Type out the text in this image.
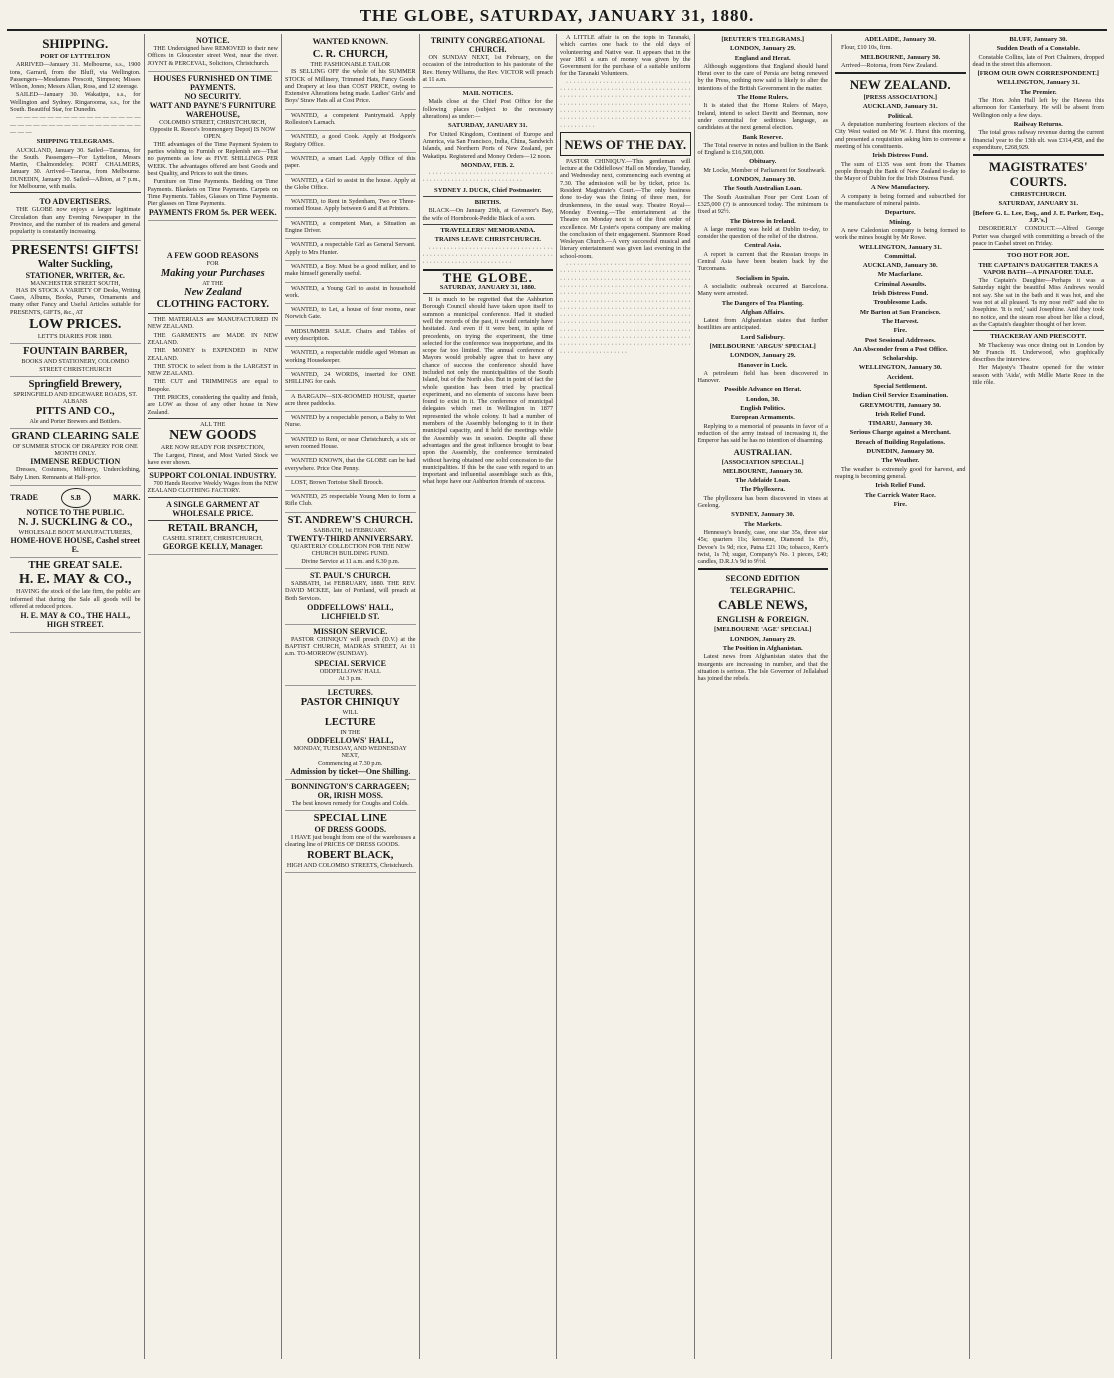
THE GLOBE, SATURDAY, JANUARY 31, 1880.
SHIPPING.
PORT OF LYTTELTON

ARRIVED—January 31. Melbourne, s.s., 1900 tons, Garrard, from the Bluff, via Wellington. Passengers—Mesdames Prescott, Simpson; Misses Wilson, Jones; Messrs Allan, Ross, and 12 steerage.

SAILED—January 30. Wakatipu, s.s., for Wellington and Sydney. Ringarooma, s.s., for the South. Beautiful Star, for Dunedin.

— — — — — — — — — — — — — — — — — — — — — — — — — — — — — — — — — — — —

SHIPPING TELEGRAMS.

AUCKLAND, January 30. Sailed—Taranua, for the South. Passengers—For Lyttelton, Messrs Martin, Chalmondeley. PORT CHALMERS, January 30. Arrived—Tararua, from Melbourne. DUNEDIN, January 30. Sailed—Albion, at 7 p.m., for Melbourne, with mails.

TO ADVERTISERS.

THE GLOBE now enjoys a larger legitimate Circulation than any Evening Newspaper in the Province, and the number of its readers and general popularity is constantly increasing.

PRESENTS! GIFTS!
Walter Suckling,
STATIONER, WRITER, &c.
MANCHESTER STREET SOUTH,

HAS IN STOCK A VARIETY OF Desks, Writing Cases, Albums, Books, Purses, Ornaments and many other Fancy and Useful Articles suitable for PRESENTS, GIFTS, &c., AT

LOW PRICES.
LETT'S DIARIES FOR 1880.
FOUNTAIN BARBER,
BOOKS AND STATIONERY, COLOMBO STREET CHRISTCHURCH
Springfield Brewery,
SPRINGFIELD AND EDGEWARE ROADS, ST. ALBANS
PITTS AND CO.,
Ale and Porter Brewers and Bottlers.
GRAND CLEARING SALE
OF SUMMER STOCK OF DRAPERY FOR ONE MONTH ONLY.
IMMENSE REDUCTION

Dresses, Costumes, Millinery, Underclothing, Baby Linen. Remnants at Half-price.

TRADE	S.B	MARK.
NOTICE TO THE PUBLIC.
N. J. SUCKLING & CO.,
WHOLESALE BOOT MANUFACTURERS,
HOME-HOVE HOUSE, Cashel street E.
THE GREAT SALE.
H. E. MAY & CO.,

HAVING the stock of the late firm, the public are informed that during the Sale all goods will be offered at reduced prices.

H. E. MAY & CO., THE HALL, HIGH STREET.
NOTICE.

THE Undersigned have REMOVED to their new Offices in Gloucester street West, near the river. JOYNT & PERCEVAL, Solicitors, Christchurch.

HOUSES FURNISHED ON TIME PAYMENTS.
NO SECURITY.
WATT AND PAYNE'S FURNITURE WAREHOUSE,
COLOMBO STREET, CHRISTCHURCH, Opposite R. Reece's Ironmongery Depot) IS NOW OPEN.

THE advantages of the Time Payment System to parties wishing to Furnish or Replenish are—That no payments as low as FIVE SHILLINGS PER WEEK. The advantages offered are best Goods and best Quality, and Prices to suit the times.

Furniture on Time Payments. Bedding on Time Payments. Blankets on Time Payments. Carpets on Time Payments. Tables, Glasses on Time Payments. Pier glasses on Time Payments.

PAYMENTS FROM 5s. PER WEEK.
A FEW GOOD REASONS
FOR
Making your Purchases
AT THE
New Zealand
CLOTHING FACTORY.

THE MATERIALS are MANUFACTURED IN NEW ZEALAND.

THE GARMENTS are MADE IN NEW ZEALAND.

THE MONEY is EXPENDED in NEW ZEALAND.

THE STOCK to select from is the LARGEST in NEW ZEALAND.

THE CUT and TRIMMINGS are equal to Bespoke.

THE PRICES, considering the quality and finish, are LOW as those of any other house in New Zealand.

ALL THE
NEW GOODS
ARE NOW READY FOR INSPECTION,

The Largest, Finest, and Most Varied Stock we have ever shown.

SUPPORT COLONIAL INDUSTRY.

700 Hands Receive Weekly Wages from the NEW ZEALAND CLOTHING FACTORY.

A SINGLE GARMENT AT WHOLESALE PRICE.
RETAIL BRANCH,
CASHEL STREET, CHRISTCHURCH,
GEORGE KELLY, Manager.
WANTED KNOWN.
C. R. CHURCH,
THE FASHIONABLE TAILOR

IS SELLING OFF the whole of his SUMMER STOCK of Millinery, Trimmed Hats, Fancy Goods and Drapery at less than COST PRICE, owing to Extensive Alterations being made. Ladies' Girls' and Boys' Straw Hats all at Cost Price.

WANTED, a competent Pantrymaid. Apply Rolleston's Larnach.

WANTED, a good Cook. Apply at Hodgson's Registry Office.

WANTED, a smart Lad. Apply Office of this paper.

WANTED, a Girl to assist in the house. Apply at the Globe Office.

WANTED, to Rent in Sydenham, Two or Three-roomed House. Apply between 6 and 8 at Printers.

WANTED, a competent Man, a Situation as Engine Driver.

WANTED, a respectable Girl as General Servant. Apply to Mrs Hunter.

WANTED, a Boy. Must be a good milker, and to make himself generally useful.

WANTED, a Young Girl to assist in household work.

WANTED, to Let, a house of four rooms, near Norwich Gate.

MIDSUMMER SALE. Chairs and Tables of every description.

WANTED, a respectable middle aged Woman as working Housekeeper.

WANTED, 24 WORDS, inserted for ONE SHILLING for cash.

A BARGAIN—SIX-ROOMED HOUSE, quarter acre three paddocks.

WANTED by a respectable person, a Baby to Wet Nurse.

WANTED to Rent, or near Christchurch, a six or seven roomed House.

WANTED KNOWN, that the GLOBE can be had everywhere. Price One Penny.

LOST, Brown Tortoise Shell Brooch.

WANTED, 25 respectable Young Men to form a Rifle Club.

ST. ANDREW'S CHURCH.
SABBATH, 1st FEBRUARY.
TWENTY-THIRD ANNIVERSARY.
QUARTERLY COLLECTION FOR THE NEW CHURCH BUILDING FUND.
Divine Service at 11 a.m. and 6.30 p.m.
ST. PAUL'S CHURCH.

SABBATH, 1st FEBRUARY, 1880. THE REV. DAVID MCKEE, late of Portland, will preach at Both Services.

ODDFELLOWS' HALL, LICHFIELD ST.
MISSION SERVICE.

PASTOR CHINIQUY will preach (D.V.) at the BAPTIST CHURCH, MADRAS STREET, At 11 a.m. TO-MORROW (SUNDAY).

SPECIAL SERVICE
ODDFELLOWS' HALL
At 3 p.m.
LECTURES.
PASTOR CHINIQUY
WILL
LECTURE
IN THE
ODDFELLOWS' HALL,
MONDAY, TUESDAY, AND WEDNESDAY NEXT,
Commencing at 7.30 p.m.
Admission by ticket—One Shilling.
BONNINGTON'S CARRAGEEN; OR, IRISH MOSS.
The best known remedy for Coughs and Colds.
SPECIAL LINE
OF DRESS GOODS.

I HAVE just bought from one of the warehouses a clearing line of PRICES OF DRESS GOODS.

ROBERT BLACK,
HIGH AND COLOMBO STREETS, Christchurch.
TRINITY CONGREGATIONAL CHURCH.

ON SUNDAY NEXT, 1st February, on the occasion of the introduction to his pastorate of the Rev. Henry Williams, the Rev. VICTOR will preach at 11 a.m.

MAIL NOTICES.

Mails close at the Chief Post Office for the following places (subject to the necessary alterations) as under:—

SATURDAY, JANUARY 31.

For United Kingdom, Continent of Europe and America, via San Francisco, India, China, Sandwich Islands, and Northern Ports of New Zealand, per Wakatipu. Registered and Money Orders—12 noon.

MONDAY, FEB. 2.

· · · · · · · · · · · · · · · · · · · · · · · · · · · · · · · · · · · · · · · · · · · · · · · · · · · · · · · · · · · · · ·

SYDNEY J. DUCK, Chief Postmaster.
BIRTHS.

BLACK—On January 29th, at Governor's Bay, the wife of Hornbrook-Peddie Black of a son.

TRAVELLERS' MEMORANDA.
TRAINS LEAVE CHRISTCHURCH.

· · · · · · · · · · · · · · · · · · · · · · · · · · · · · · · · · · · · · · · · · · · · · · · · · · · · · · · · · · · · · · · · · · · · · · · · · · · · · · · · · · · · · · · · · · · · · · ·

THE GLOBE.
SATURDAY, JANUARY 31, 1880.

It is much to be regretted that the Ashburton Borough Council should have taken upon itself to summon a municipal conference. Had it studied well the records of the past, it would certainly have hesitated. And even if it were bent, in spite of precedents, on trying the experiment, the time selected for the conference was inopportune, and its scope far too limited. The annual conference of Mayors would probably agree that to have any chance of success the conference should have included not only the municipalities of the South Island, but of the North also. But in point of fact the whole question has been tried by practical experiment, and no elements of success have been found to exist in it. The conference of municipal delegates which met in Wellington in 1877 represented the whole colony. It had a number of members of the Assembly belonging to it in their municipal capacity, and it held the meetings while the Assembly was in session. Despite all these advantages and the great influence brought to bear upon the Assembly, the conference terminated without having obtained one solid concession to the municipalities. If this be the case with regard to an important and influential assemblage such as this, what hope have our Ashburton friends of success.

A LITTLE affair is on the topis in Taranaki, which carries one back to the old days of volunteering and Native war. It appears that in the year 1861 a sum of money was given by the Government for the purchase of a suitable uniform for the Taranaki Volunteers.

· · · · · · · · · · · · · · · · · · · · · · · · · · · · · · · · · · · · · · · · · · · · · · · · · · · · · · · · · · · · · · · · · · · · · · · · · · · · · · · · · · · · · · · · · · · · · · · · · · · · · · · · · · · · · · · · · · · · · · · · · · · · · · · · · · · · · · · · · · · · · · · · · · · · · · · · · · · · · · · · · · · · · · · · · · · · · · · · · · · · · · · · · · · · · · · · · · · · · · · · · · · · · · · · · · · · · · · · · · · · · · · ·

NEWS OF THE DAY.

PASTOR CHINIQUY.—This gentleman will lecture at the Oddfellows' Hall on Monday, Tuesday, and Wednesday next, commencing each evening at 7.30. The admission will be by ticket, price 1s. Resident Magistrate's Court.—The only business done to-day was the fining of three men, for drunkenness, in the usual way. Theatre Royal—Monday Evening.—The entertainment at the Theatre on Monday next is of the first order of excellence. Mr Lyster's opera company are making the conclusion of their engagement. Stanmore Road Wesleyan Church.—A very successful musical and literary entertainment was given last evening in the school-room.

· · · · · · · · · · · · · · · · · · · · · · · · · · · · · · · · · · · · · · · · · · · · · · · · · · · · · · · · · · · · · · · · · · · · · · · · · · · · · · · · · · · · · · · · · · · · · · · · · · · · · · · · · · · · · · · · · · · · · · · · · · · · · · · · · · · · · · · · · · · · · · · · · · · · · · · · · · · · · · · · · · · · · · · · · · · · · · · · · · · · · · · · · · · · · · · · · · · · · · · · · · · · · · · · · · · · · · · · · · · · · · · · · · · · · · · · · · · · · · · · · · · · · · · · · · · · · · · · · · · · · · · · · · · · · · · · · · · · · · · · · · · · · · · · · · · · · · · · · · · · · · · · · · · · · · · · · · · · · · · · · · · · · · · · · · · · · · · · · · · · · · · · · · · · · · · · · · · · · · · · · · · · · · · · · · · · · · · · · · · · · · · · · · · · · · · · · · · · · · · · · · · · · · · · · · · · · · · · · · · · · · · · · · · · · · · · · · · · · · · · · · · · · · · · ·

[REUTER'S TELEGRAMS.]
LONDON, January 29.
England and Herat.

Although suggestions that England should hand Herat over to the care of Persia are being renewed by the Press, nothing now said is likely to alter the intentions of the British Government in the matter.

The Home Rulers.

It is stated that the Home Rulers of Mayo, Ireland, intend to select Davitt and Brennan, now under committal for seditious language, as candidates at the next general election.

Bank Reserve.

The Total reserve in notes and bullion in the Bank of England is £16,500,000.

Obituary.

Mr Locke, Member of Parliament for Southwark.

LONDON, January 30.
The South Australian Loan.

The South Australian Four per Cent Loan of £325,000 (?) is announced today. The minimum is fixed at 92½.

The Distress in Ireland.

A large meeting was held at Dublin to-day, to consider the question of the relief of the distress.

Central Asia.

A report is current that the Russian troops in Central Asia have been beaten back by the Turcomans.

Socialism in Spain.

A socialistic outbreak occurred at Barcelona. Many were arrested.

The Dangers of Tea Planting.
Afghan Affairs.

Latest from Afghanistan states that further hostilities are anticipated.

Lord Salisbury.
[MELBOURNE 'ARGUS' SPECIAL]
LONDON, January 29.
Hanover in Luck.

A petroleum field has been discovered in Hanover.

Possible Advance on Herat.
London, 30.
English Politics.
European Armaments.

Replying to a memorial of peasants in favor of a reduction of the army instead of increasing it, the Emperor has said he has no intention of disarming.

AUSTRALIAN.
[ASSOCIATION SPECIAL.]
MELBOURNE, January 30.
The Adelaide Loan.
The Phylloxera.

The phylloxera has been discovered in vines at Geelong.

SYDNEY, January 30.
The Markets.

Hennessy's brandy, case, one star 35s, three star 45s; quarters 11s; kerosene, Diamond 1s 8½, Devoe's 1s 9d; rice, Patna £21 10s; tobacco, Kerr's twist, 1s 7d; sugar, Company's No. 1 pieces, £40; candles, D.R.J.'s 9d to 9½d.

SECOND EDITION
TELEGRAPHIC.
CABLE NEWS,
ENGLISH & FOREIGN.
[MELBOURNE 'AGE' SPECIAL]
LONDON, January 29.
The Position in Afghanistan.

Latest news from Afghanistan states that the insurgents are increasing in number, and that the situation is serious. The Isle Governor of Jellalabad has joined the rebels.

ADELAIDE, January 30.

Flour, £10 10s, firm.

MELBOURNE, January 30.

Arrived—Rotorua, from New Zealand.

NEW ZEALAND.
[PRESS ASSOCIATION.]
AUCKLAND, January 31.
Political.

A deputation numbering fourteen electors of the City West waited on Mr W. J. Hurst this morning, and presented a requisition asking him to convene a meeting of his constituents.

Irish Distress Fund.

The sum of £135 was sent from the Thames people through the Bank of New Zealand to-day to the Mayor of Dublin for the Irish Distress Fund.

A New Manufactory.

A company is being formed and subscribed for the manufacture of mineral paints.

Departure.
Mining.

A new Caledonian company is being formed to work the mines bought by Mr Rowe.

WELLINGTON, January 31.
Committal.
AUCKLAND, January 30.
Mr Macfarlane.
Criminal Assaults.
Irish Distress Fund.
Troublesome Lads.
Mr Barton at San Francisco.
The Harvest.
Fire.
Post Sessional Addresses.
An Absconder from a Post Office.
Scholarship.
WELLINGTON, January 30.
Accident.
Special Settlement.
Indian Civil Service Examination.
GREYMOUTH, January 30.
Irish Relief Fund.
TIMARU, January 30.
Serious Charge against a Merchant.
Breach of Building Regulations.
DUNEDIN, January 30.
The Weather.

The weather is extremely good for harvest, and reaping is becoming general.

Irish Relief Fund.
The Carrick Water Race.
Fire.
BLUFF, January 30.
Sudden Death of a Constable.

Constable Collins, late of Port Chalmers, dropped dead in the street this afternoon.

[FROM OUR OWN CORRESPONDENT.]
WELLINGTON, January 31.
The Premier.

The Hon. John Hall left by the Hawea this afternoon for Canterbury. He will be absent from Wellington only a few days.

Railway Returns.

The total gross railway revenue during the current financial year to the 13th ult. was £314,458, and the expenditure, £268,929.

MAGISTRATES' COURTS.
CHRISTCHURCH.
SATURDAY, JANUARY 31.
[Before G. L. Lee, Esq., and J. E. Parker, Esq., J.P.'s.]

DISORDERLY CONDUCT.—Alfred George Porter was charged with committing a breach of the peace in Cashel street on Friday.

TOO HOT FOR JOE.
THE CAPTAIN'S DAUGHTER TAKES A VAPOR BATH—A PINAFORE TALE.

The Captain's Daughter—Perhaps it was a Saturday night the beautiful Miss Andrews would not say. She sat in the bath and it was hot, and she was not at all pleased. 'Is my nose red?' said she to Josephine. 'It is red,' said Josephine. And they took no notice, and the steam rose about her like a cloud, as the Captain's daughter thought of her lover.

THACKERAY AND PRESCOTT.

Mr Thackeray was once dining out in London by Mr Francis H. Underwood, who graphically describes the interview.

Her Majesty's Theatre opened for the winter season with 'Aida', with Mdlle Marie Roze in the title rôle.
